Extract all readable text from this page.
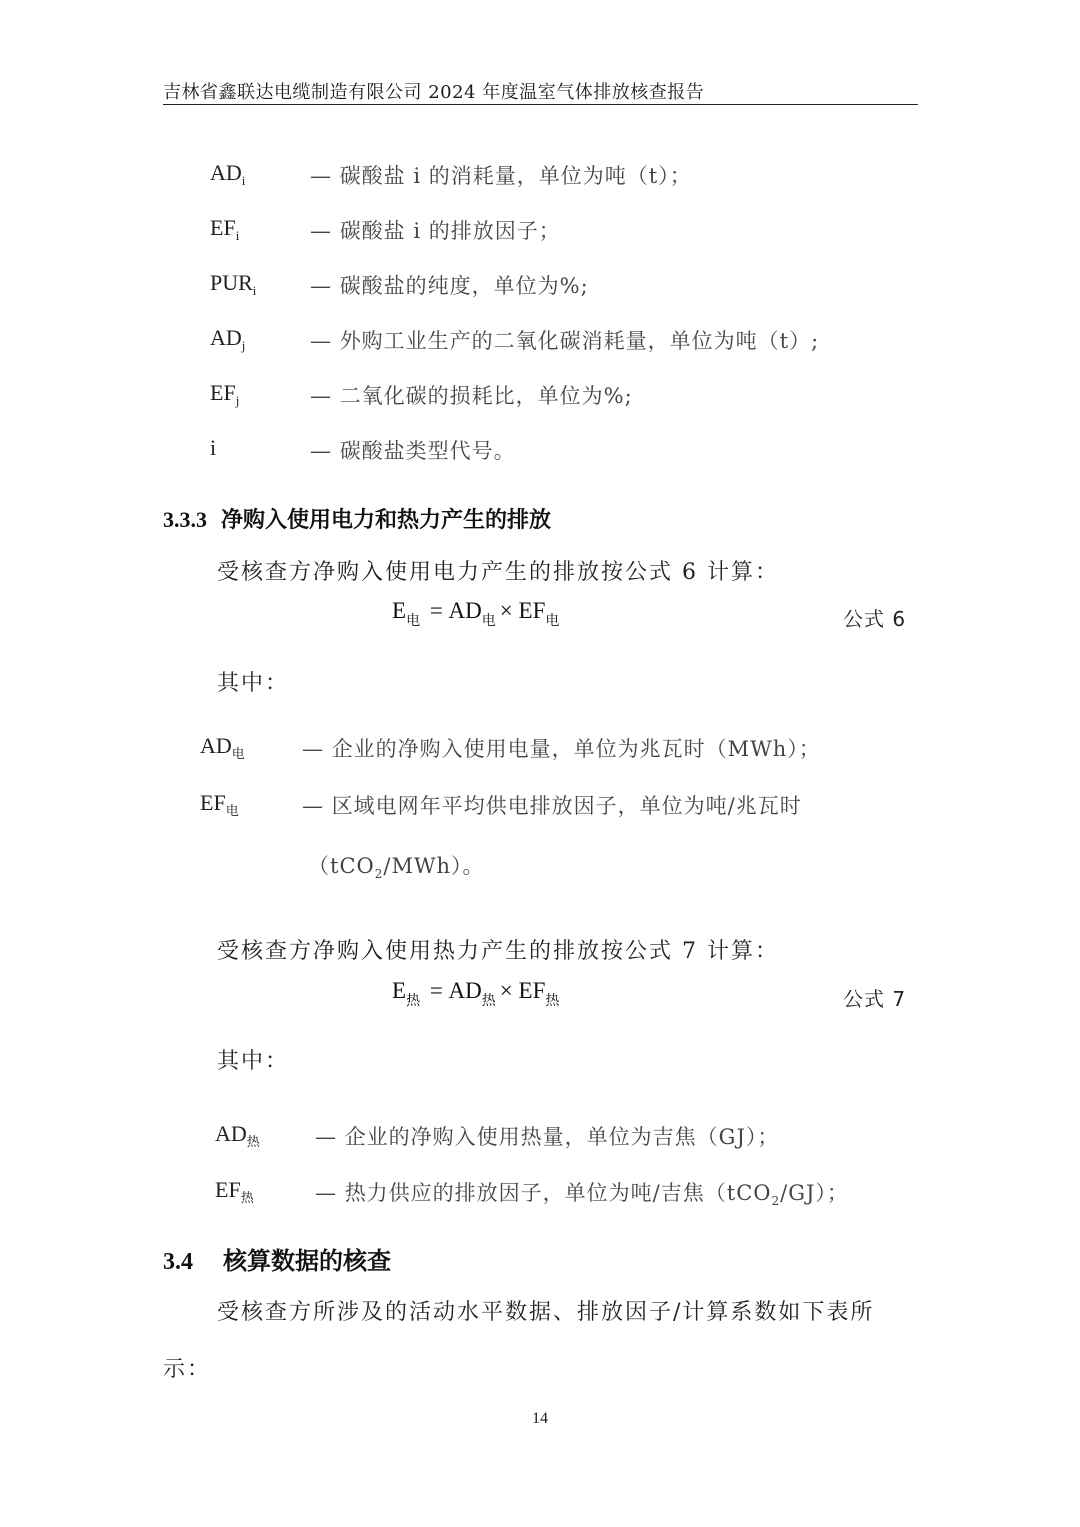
吉林省鑫联达电缆制造有限公司 2024 年度温室气体排放核查报告
$AD_i$	— 碳酸盐 i 的消耗量，单位为吨（t）；
$EF_i$	— 碳酸盐 i 的排放因子；
$PUR_i$	— 碳酸盐的纯度，单位为%;
$AD_j$	— 外购工业生产的二氧化碳消耗量，单位为吨（t）;
$EF_j$	— 二氧化碳的损耗比，单位为%;
i	— 碳酸盐类型代号。
3.3.3 净购入使用电力和热力产生的排放
受核查方净购入使用电力产生的排放按公式 6 计算：
$E_电 = AD_电 \times EF_电$	公式 6
其中：
$AD_电$	— 企业的净购入使用电量，单位为兆瓦时（MWh）；
$EF_电$	— 区域电网年平均供电排放因子，单位为吨/兆瓦时
（tCO$_2$/MWh）。
受核查方净购入使用热力产生的排放按公式 7 计算：
$E_热 = AD_热 \times EF_热$	公式 7
其中：
$AD_热$	— 企业的净购入使用热量，单位为吉焦（GJ）；
$EF_热$	— 热力供应的排放因子，单位为吨/吉焦（tCO$_2$/GJ）；
3.4 核算数据的核查
受核查方所涉及的活动水平数据、排放因子/计算系数如下表所
示：
14
